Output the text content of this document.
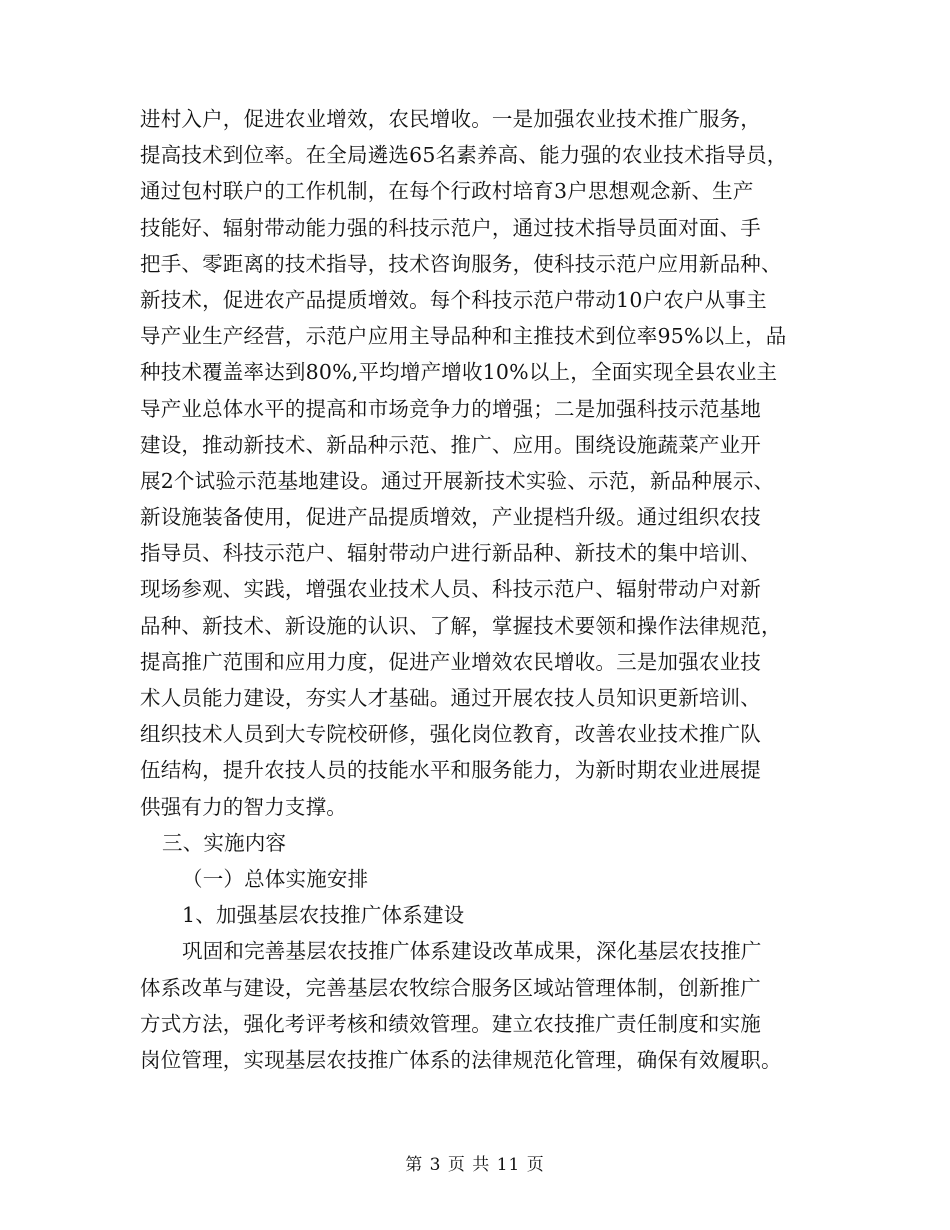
进村入户，促进农业增效，农民增收。一是加强农业技术推广服务，
提高技术到位率。在全局遴选65名素养高、能力强的农业技术指导员，
通过包村联户的工作机制，在每个行政村培育3户思想观念新、生产
技能好、辐射带动能力强的科技示范户，通过技术指导员面对面、手
把手、零距离的技术指导，技术咨询服务，使科技示范户应用新品种、
新技术，促进农产品提质增效。每个科技示范户带动10户农户从事主
导产业生产经营，示范户应用主导品种和主推技术到位率95%以上，品
种技术覆盖率达到80%,平均增产增收10%以上，全面实现全县农业主
导产业总体水平的提高和市场竞争力的增强；二是加强科技示范基地
建设，推动新技术、新品种示范、推广、应用。围绕设施蔬菜产业开
展2个试验示范基地建设。通过开展新技术实验、示范，新品种展示、
新设施装备使用，促进产品提质增效，产业提档升级。通过组织农技
指导员、科技示范户、辐射带动户进行新品种、新技术的集中培训、
现场参观、实践，增强农业技术人员、科技示范户、辐射带动户对新
品种、新技术、新设施的认识、了解，掌握技术要领和操作法律规范，
提高推广范围和应用力度，促进产业增效农民增收。三是加强农业技
术人员能力建设，夯实人才基础。通过开展农技人员知识更新培训、
组织技术人员到大专院校研修，强化岗位教育，改善农业技术推广队
伍结构，提升农技人员的技能水平和服务能力，为新时期农业进展提
供强有力的智力支撑。
三、实施内容
（一）总体实施安排
1、加强基层农技推广体系建设
巩固和完善基层农技推广体系建设改革成果，深化基层农技推广
体系改革与建设，完善基层农牧综合服务区域站管理体制，创新推广
方式方法，强化考评考核和绩效管理。建立农技推广责任制度和实施
岗位管理，实现基层农技推广体系的法律规范化管理，确保有效履职。
第 3 页 共 11 页
